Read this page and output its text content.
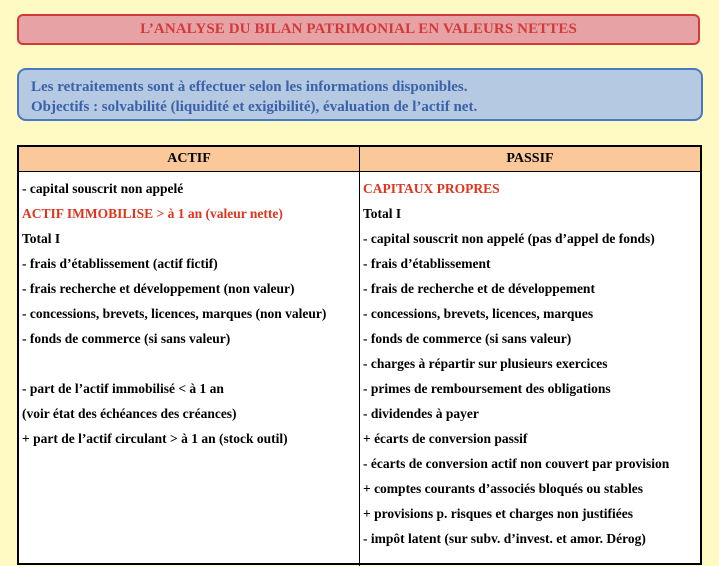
L’ANALYSE DU BILAN PATRIMONIAL EN VALEURS NETTES
Les retraitements sont à effectuer selon les informations disponibles.
Objectifs : solvabilité (liquidité et exigibilité), évaluation de l’actif net.
ACTIF	PASSIF
- capital souscrit non appelé
ACTIF IMMOBILISE > à 1 an (valeur nette)
Total I
- frais d’établissement (actif fictif)
- frais recherche et développement (non valeur)
- concessions, brevets, licences, marques (non valeur)
- fonds de commerce (si sans valeur)
- part de l’actif immobilisé < à 1 an
(voir état des échéances des créances)
+ part de l’actif circulant > à 1 an (stock outil)
CAPITAUX PROPRES
Total I
- capital souscrit non appelé (pas d’appel de fonds)
- frais d’établissement
- frais de recherche et de développement
- concessions, brevets, licences, marques
- fonds de commerce (si sans valeur)
- charges à répartir sur plusieurs exercices
- primes de remboursement des obligations
- dividendes à payer
+ écarts de conversion passif
- écarts de conversion actif non couvert par provision
+ comptes courants d’associés bloqués ou stables
+ provisions p. risques et charges non justifiées
- impôt latent (sur subv. d’invest. et amor. Dérog)
